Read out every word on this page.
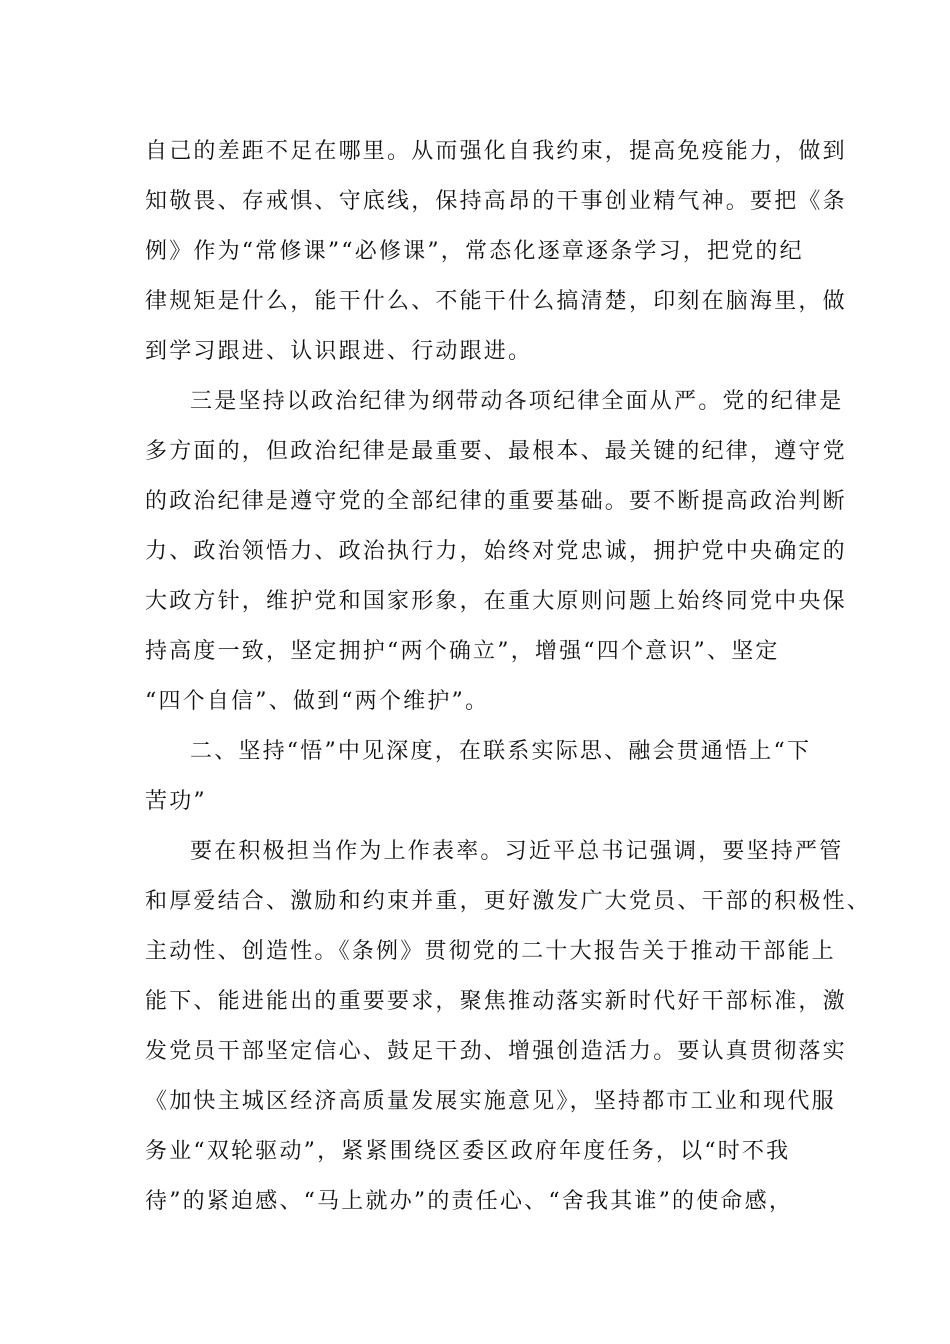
自己的差距不足在哪里。从而强化自我约束，提高免疫能力，做到
知敬畏、存戒惧、守底线，保持高昂的干事创业精气神。要把《条
例》作为“常修课”“必修课”，常态化逐章逐条学习，把党的纪
律规矩是什么，能干什么、不能干什么搞清楚，印刻在脑海里，做
到学习跟进、认识跟进、行动跟进。
三是坚持以政治纪律为纲带动各项纪律全面从严。党的纪律是
多方面的，但政治纪律是最重要、最根本、最关键的纪律，遵守党
的政治纪律是遵守党的全部纪律的重要基础。要不断提高政治判断
力、政治领悟力、政治执行力，始终对党忠诚，拥护党中央确定的
大政方针，维护党和国家形象，在重大原则问题上始终同党中央保
持高度一致，坚定拥护“两个确立”，增强“四个意识”、坚定
“四个自信”、做到“两个维护”。
二、坚持“悟”中见深度，在联系实际思、融会贯通悟上“下
苦功”
要在积极担当作为上作表率。习近平总书记强调，要坚持严管
和厚爱结合、激励和约束并重，更好激发广大党员、干部的积极性、
主动性、创造性。《条例》贯彻党的二十大报告关于推动干部能上
能下、能进能出的重要要求，聚焦推动落实新时代好干部标准，激
发党员干部坚定信心、鼓足干劲、增强创造活力。要认真贯彻落实
《加快主城区经济高质量发展实施意见》，坚持都市工业和现代服
务业“双轮驱动”，紧紧围绕区委区政府年度任务，以“时不我
待”的紧迫感、“马上就办”的责任心、“舍我其谁”的使命感，
